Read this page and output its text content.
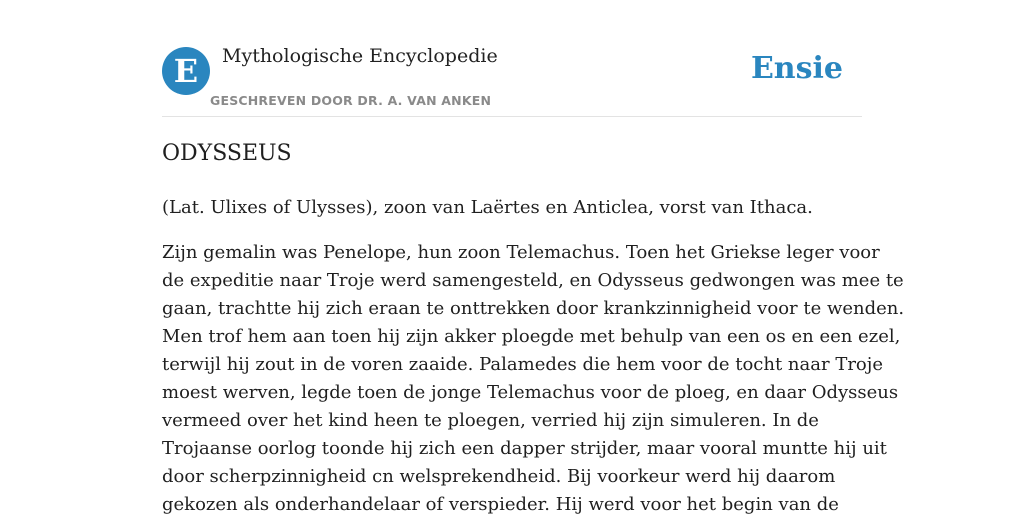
E	Mythologische Encyclopedie
GESCHREVEN DOOR DR. A. VAN ANKEN
Ensie
ODYSSEUS

(Lat. Ulixes of Ulysses), zoon van Laërtes en Anticlea, vorst van Ithaca.

Zijn gemalin was Penelope, hun zoon Telemachus. Toen het Griekse leger voor
de expeditie naar Troje werd samengesteld, en Odysseus gedwongen was mee te
gaan, trachtte hij zich eraan te onttrekken door krankzinnigheid voor te wenden.
Men trof hem aan toen hij zijn akker ploegde met behulp van een os en een ezel,
terwijl hij zout in de voren zaaide. Palamedes die hem voor de tocht naar Troje
moest werven, legde toen de jonge Telemachus voor de ploeg, en daar Odysseus
vermeed over het kind heen te ploegen, verried hij zijn simuleren. In de
Trojaanse oorlog toonde hij zich een dapper strijder, maar vooral muntte hij uit
door scherpzinnigheid cn welsprekendheid. Bij voorkeur werd hij daarom
gekozen als onderhandelaar of verspieder. Hij werd voor het begin van de
